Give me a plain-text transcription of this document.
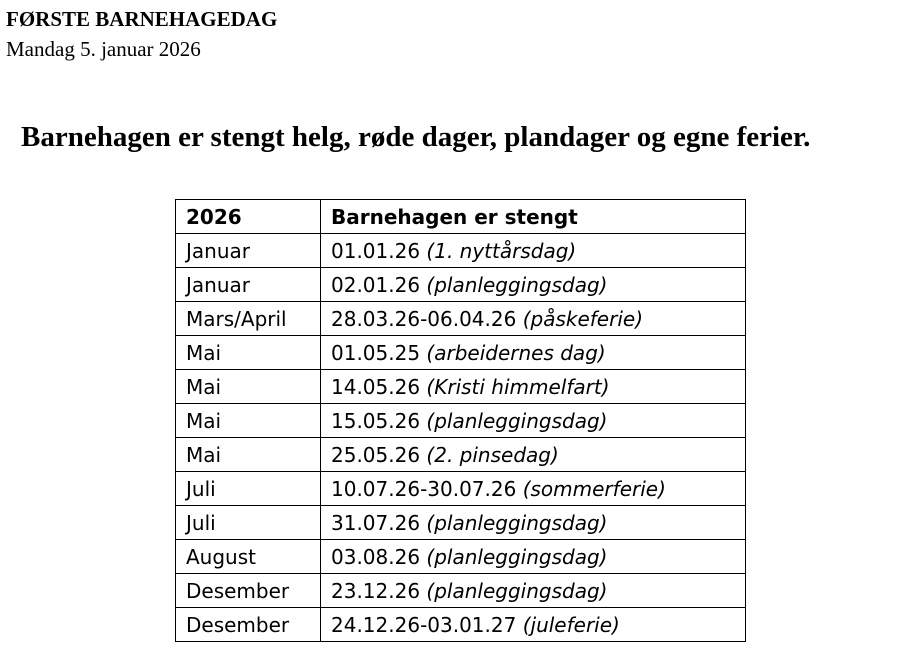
FØRSTE BARNEHAGEDAG
Mandag 5. januar 2026
Barnehagen er stengt helg, røde dager, plandager og egne ferier.
2026	Barnehagen er stengt
Januar	01.01.26 (1. nyttårsdag)
Januar	02.01.26 (planleggingsdag)
Mars/April	28.03.26-06.04.26 (påskeferie)
Mai	01.05.25 (arbeidernes dag)
Mai	14.05.26 (Kristi himmelfart)
Mai	15.05.26 (planleggingsdag)
Mai	25.05.26 (2. pinsedag)
Juli	10.07.26-30.07.26 (sommerferie)
Juli	31.07.26 (planleggingsdag)
August	03.08.26 (planleggingsdag)
Desember	23.12.26 (planleggingsdag)
Desember	24.12.26-03.01.27 (juleferie)
